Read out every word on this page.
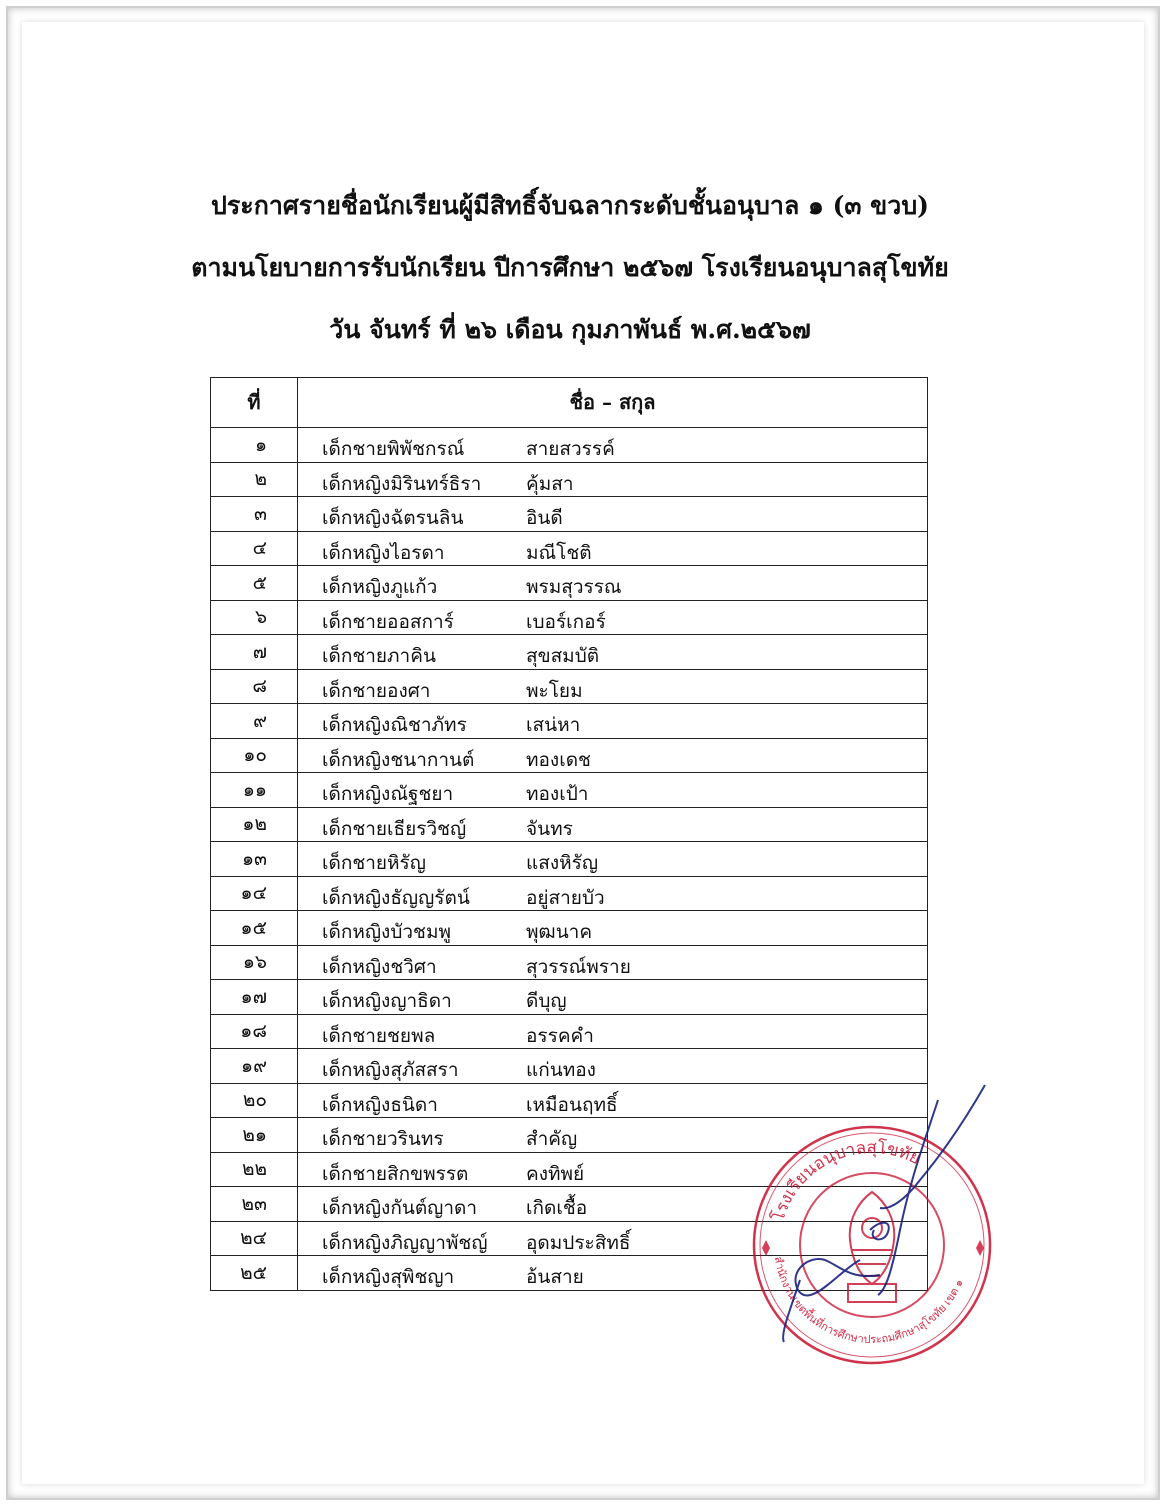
ประกาศรายชื่อนักเรียนผู้มีสิทธิ์จับฉลากระดับชั้นอนุบาล ๑ (๓ ขวบ)
ตามนโยบายการรับนักเรียน ปีการศึกษา ๒๕๖๗ โรงเรียนอนุบาลสุโขทัย
วัน จันทร์ ที่ ๒๖ เดือน กุมภาพันธ์ พ.ศ.๒๕๖๗
ที่	ชื่อ – สกุล
๑	เด็กชายพิพัชกรณ์ สายสวรรค์

๒	เด็กหญิงมิรินทร์ธิรา คุ้มสา

๓	เด็กหญิงฉัตรนลิน อินดี

๔	เด็กหญิงไอรดา มณีโชติ

๕	เด็กหญิงภูแก้ว พรมสุวรรณ

๖	เด็กชายออสการ์ เบอร์เกอร์

๗	เด็กชายภาคิน สุขสมบัติ

๘	เด็กชายองศา พะโยม

๙	เด็กหญิงณิชาภัทร เสน่หา

๑๐	เด็กหญิงชนากานต์ ทองเดช

๑๑	เด็กหญิงณัฐชยา ทองเป้า

๑๒	เด็กชายเธียรวิชญ์ จันทร

๑๓	เด็กชายหิรัญ แสงหิรัญ

๑๔	เด็กหญิงธัญญรัตน์ อยู่สายบัว

๑๕	เด็กหญิงบัวชมพู พุฒนาค

๑๖	เด็กหญิงชวิศา สุวรรณ์พราย

๑๗	เด็กหญิงญาธิดา ดีบุญ

๑๘	เด็กชายชยพล อรรคคำ

๑๙	เด็กหญิงสุภัสสรา แก่นทอง

๒๐	เด็กหญิงธนิดา เหมือนฤทธิ์

๒๑	เด็กชายวรินทร สำคัญ

๒๒	เด็กชายสิกขพรรต คงทิพย์

๒๓	เด็กหญิงกันต์ญาดา เกิดเชื้อ

๒๔	เด็กหญิงภิญญาพัชญ์ อุดมประสิทธิ์

๒๕	เด็กหญิงสุพิชญา อ้นสาย
โรงเรียนอนุบาลสุโขทัย
สำนักงานเขตพื้นที่การศึกษาประถมศึกษาสุโขทัย เขต ๑
